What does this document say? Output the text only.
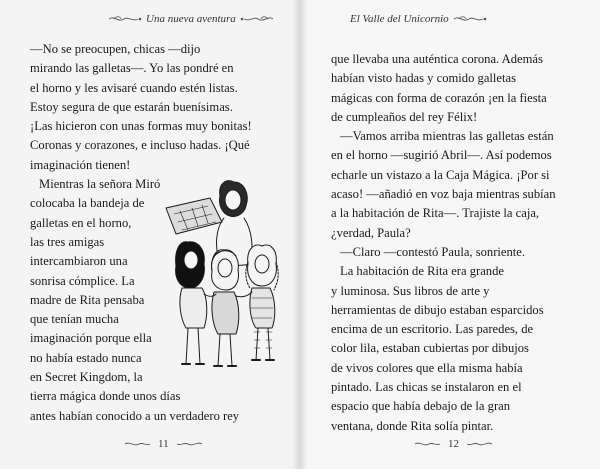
Una nueva aventura
—No se preocupen, chicas —dijo
mirando las galletas—. Yo las pondré en
el horno y les avisaré cuando estén listas.
Estoy segura de que estarán buenísimas.
¡Las hicieron con unas formas muy bonitas!
Coronas y corazones, e incluso hadas. ¡Qué
imaginación tienen!
Mientras la señora Miró
colocaba la bandeja de
galletas en el horno,
las tres amigas
intercambiaron una
sonrisa cómplice. La
madre de Rita pensaba
que tenían mucha
imaginación porque ella
no había estado nunca
en Secret Kingdom, la
tierra mágica donde unos días
antes habían conocido a un verdadero rey
11
El Valle del Unicornio
que llevaba una auténtica corona. Además
habían visto hadas y comido galletas
mágicas con forma de corazón ¡en la fiesta
de cumpleaños del rey Félix!
—Vamos arriba mientras las galletas están
en el horno —sugirió Abril—. Así podemos
echarle un vistazo a la Caja Mágica. ¡Por si
acaso! —añadió en voz baja mientras subían
a la habitación de Rita—. Trajiste la caja,
¿verdad, Paula?
—Claro —contestó Paula, sonriente.
La habitación de Rita era grande
y luminosa. Sus libros de arte y
herramientas de dibujo estaban esparcidos
encima de un escritorio. Las paredes, de
color lila, estaban cubiertas por dibujos
de vivos colores que ella misma había
pintado. Las chicas se instalaron en el
espacio que había debajo de la gran
ventana, donde Rita solía pintar.
12
